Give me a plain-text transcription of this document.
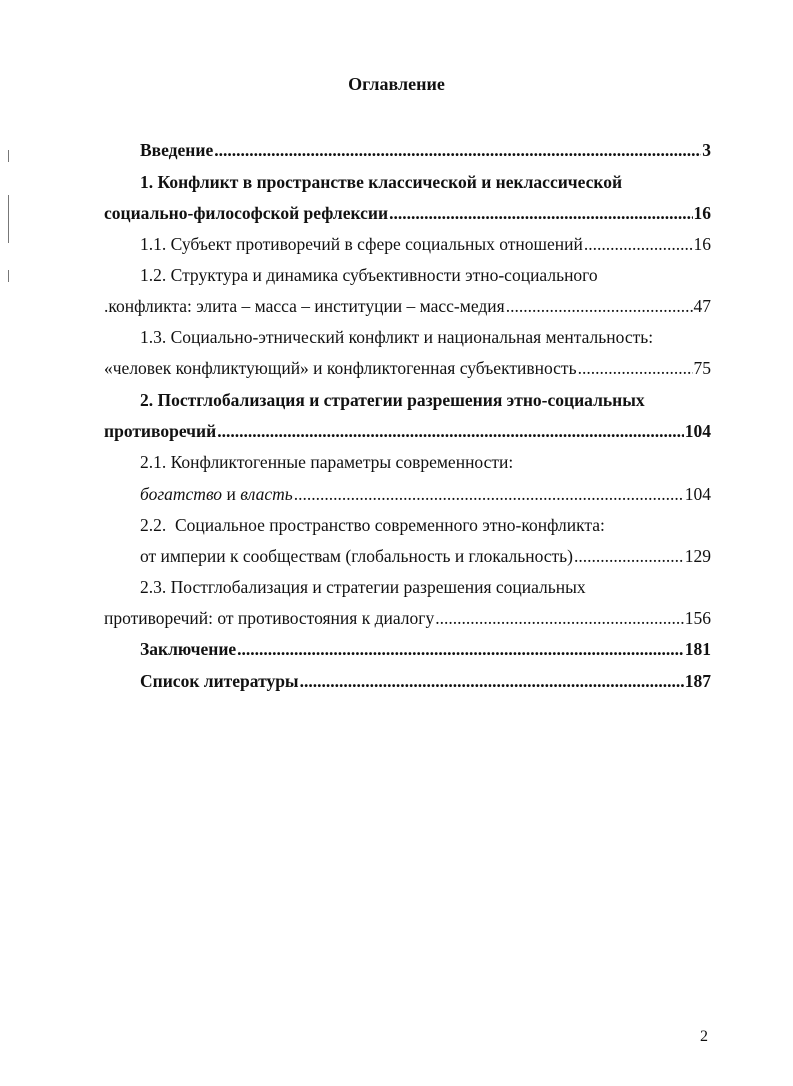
Оглавление
Введение .....	3
1. Конфликт в пространстве классической и неклассической
социально-философской рефлексии .....	16
1.1. Субъект противоречий в сфере социальных отношений .....	16
1.2. Структура и динамика субъективности этно-социального
.конфликта: элита – масса – институции – масс-медия .....	47
1.3. Социально-этнический конфликт и национальная ментальность:
«человек конфликтующий» и конфликтогенная субъективность .....	75
2. Постглобализация и стратегии разрешения этно-социальных
противоречий .....	104
2.1. Конфликтогенные параметры современности:
богатство и власть .....	104
2.2.  Социальное пространство современного этно-конфликта:
от империи к сообществам (глобальность и глокальность) .....	129
2.3. Постглобализация и стратегии разрешения социальных
противоречий: от противостояния к диалогу .....	156
Заключение .....	181
Список литературы .....	187
2
